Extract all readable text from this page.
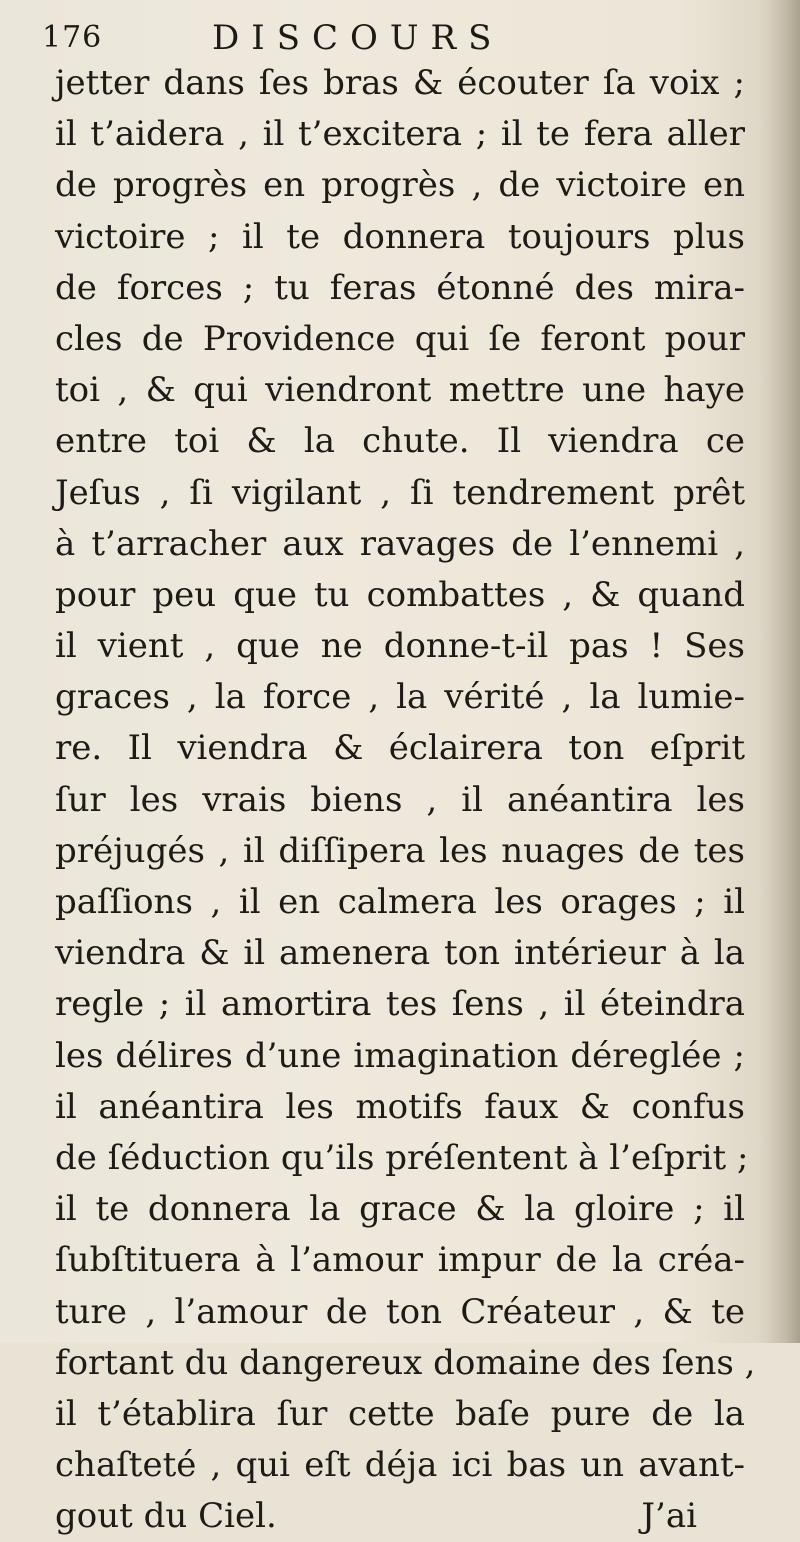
176	DISCOURS
jetter dans ſes bras & écouter ſa voix ;
il t’aidera , il t’excitera ; il te fera aller
de progrès en progrès , de victoire en
victoire ; il te donnera toujours plus
de forces ; tu feras étonné des mira-
cles de Providence qui ſe feront pour
toi , & qui viendront mettre une haye
entre toi & la chute. Il viendra ce
Jeſus , ſi vigilant , ſi tendrement prêt
à t’arracher aux ravages de l’ennemi ,
pour peu que tu combattes , & quand
il vient , que ne donne-t-il pas ! Ses
graces , la force , la vérité , la lumie-
re. Il viendra & éclairera ton eſprit
ſur les vrais biens , il anéantira les
préjugés , il diſſipera les nuages de tes
paſſions , il en calmera les orages ; il
viendra & il amenera ton intérieur à la
regle ; il amortira tes ſens , il éteindra
les délires d’une imagination déreglée ;
il anéantira les motifs faux & confus
de ſéduction qu’ils préſentent à l’eſprit ;
il te donnera la grace & la gloire ; il
ſubſtituera à l’amour impur de la créa-
ture , l’amour de ton Créateur , & te
fortant du dangereux domaine des ſens ,
il t’établira ſur cette baſe pure de la
chaſteté , qui eſt déja ici bas un avant-
gout du Ciel.	J’ai
